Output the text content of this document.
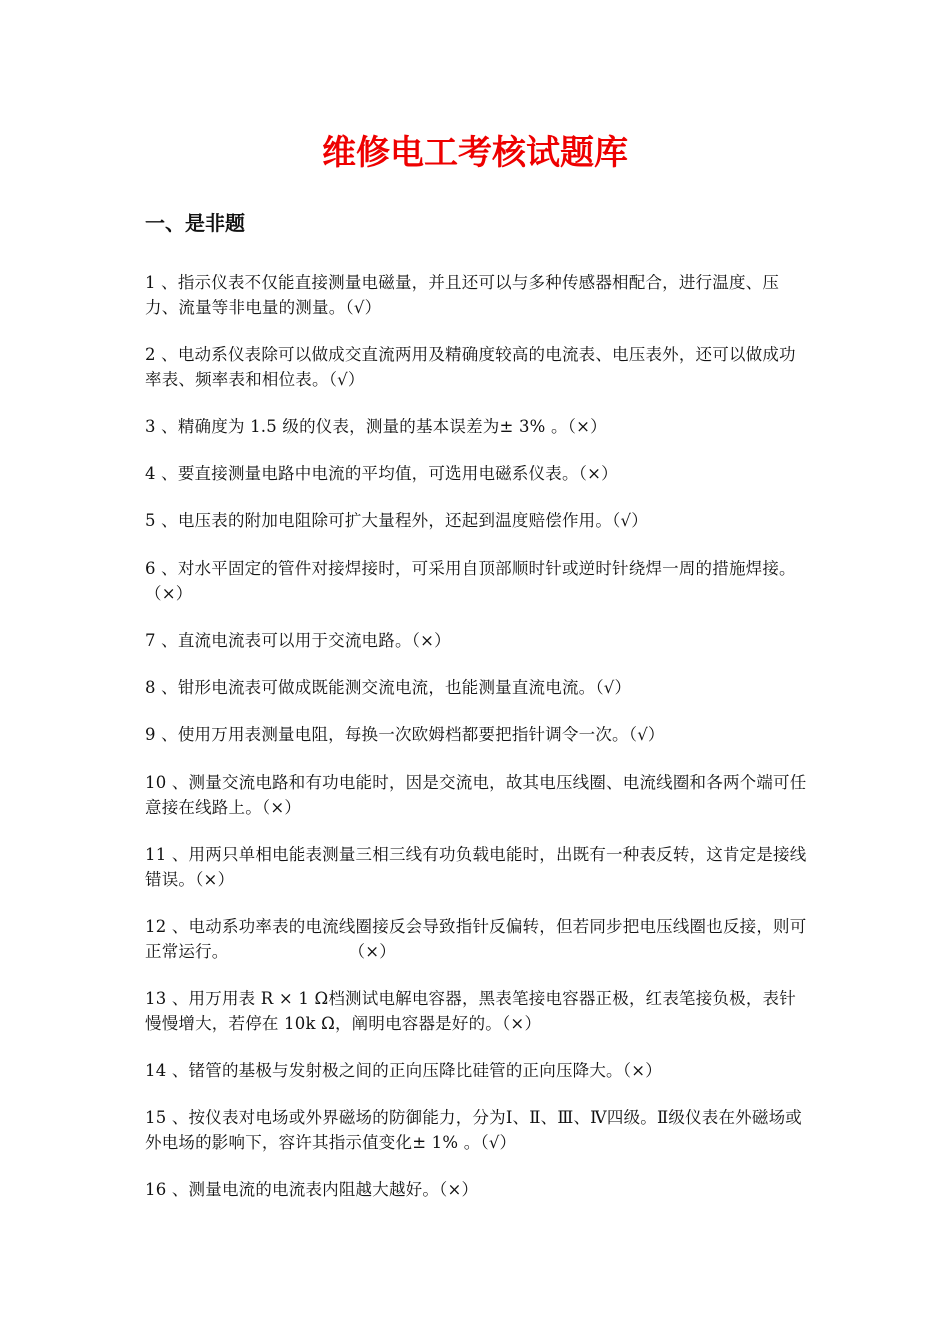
维修电工考核试题库
一、是非题
1 、指示仪表不仅能直接测量电磁量，并且还可以与多种传感器相配合，进行温度、压力、流量等非电量的测量。（√）
2 、电动系仪表除可以做成交直流两用及精确度较高的电流表、电压表外，还可以做成功率表、频率表和相位表。（√）
3 、精确度为 1.5 级的仪表，测量的基本误差为± 3% 。（×）
4 、要直接测量电路中电流的平均值，可选用电磁系仪表。（×）
5 、电压表的附加电阻除可扩大量程外，还起到温度赔偿作用。（√）
6 、对水平固定的管件对接焊接时，可采用自顶部顺时针或逆时针绕焊一周的措施焊接。（×）
7 、直流电流表可以用于交流电路。（×）
8 、钳形电流表可做成既能测交流电流，也能测量直流电流。（√）
9 、使用万用表测量电阻，每换一次欧姆档都要把指针调令一次。（√）
10 、测量交流电路和有功电能时，因是交流电，故其电压线圈、电流线圈和各两个端可任意接在线路上。（×）
11 、用两只单相电能表测量三相三线有功负载电能时，出既有一种表反转，这肯定是接线错误。（×）
12 、电动系功率表的电流线圈接反会导致指针反偏转，但若同步把电压线圈也反接，则可正常运行。	（×）
13 、用万用表 R × 1 Ω档测试电解电容器，黑表笔接电容器正极，红表笔接负极，表针慢慢增大，若停在 10k Ω，阐明电容器是好的。（×）
14 、锗管的基极与发射极之间的正向压降比硅管的正向压降大。（×）
15 、按仪表对电场或外界磁场的防御能力，分为Ⅰ、Ⅱ、Ⅲ、Ⅳ四级。Ⅱ级仪表在外磁场或外电场的影响下，容许其指示值变化± 1% 。（√）
16 、测量电流的电流表内阻越大越好。（×）
